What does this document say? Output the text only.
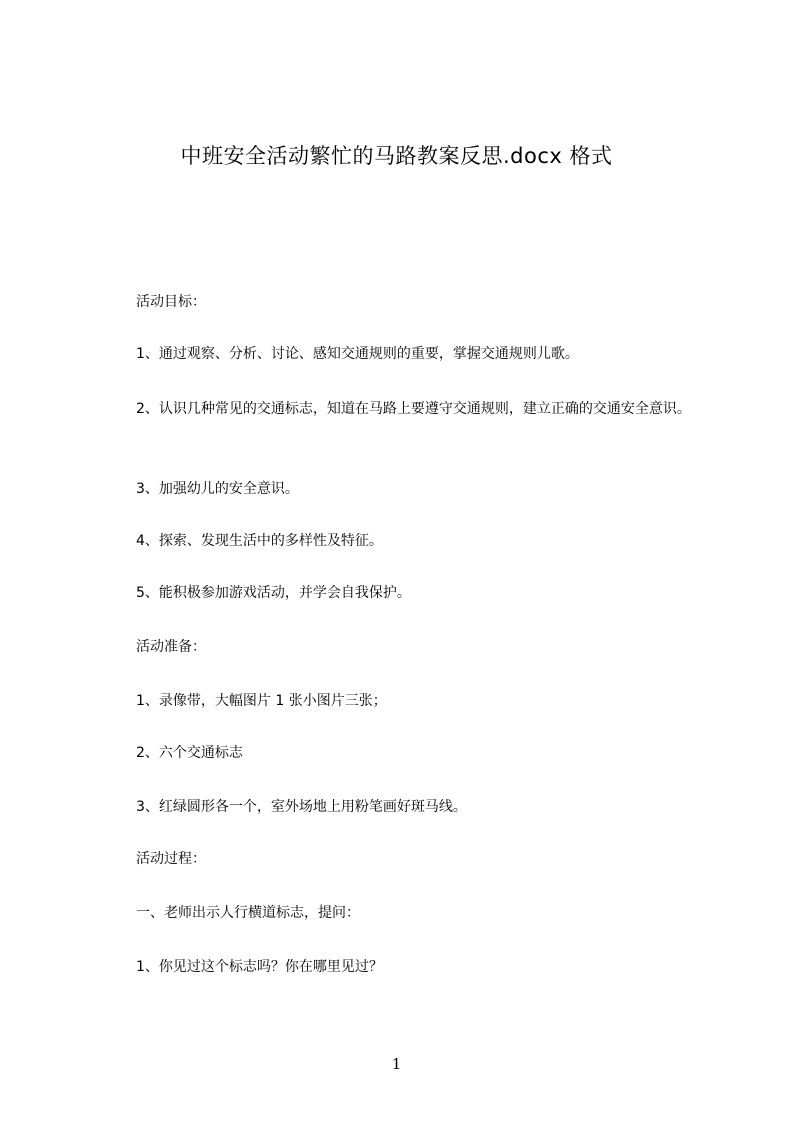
中班安全活动繁忙的马路教案反思.docx 格式
活动目标：
1、通过观察、分析、讨论、感知交通规则的重要，掌握交通规则儿歌。
2、认识几种常见的交通标志，知道在马路上要遵守交通规则，建立正确的交通安全意识。
3、加强幼儿的安全意识。
4、探索、发现生活中的多样性及特征。
5、能积极参加游戏活动，并学会自我保护。
活动准备：
1、录像带，大幅图片 1 张小图片三张；
2、六个交通标志
3、红绿圆形各一个，室外场地上用粉笔画好斑马线。
活动过程：
一、老师出示人行横道标志，提问：
1、你见过这个标志吗？你在哪里见过？
1
